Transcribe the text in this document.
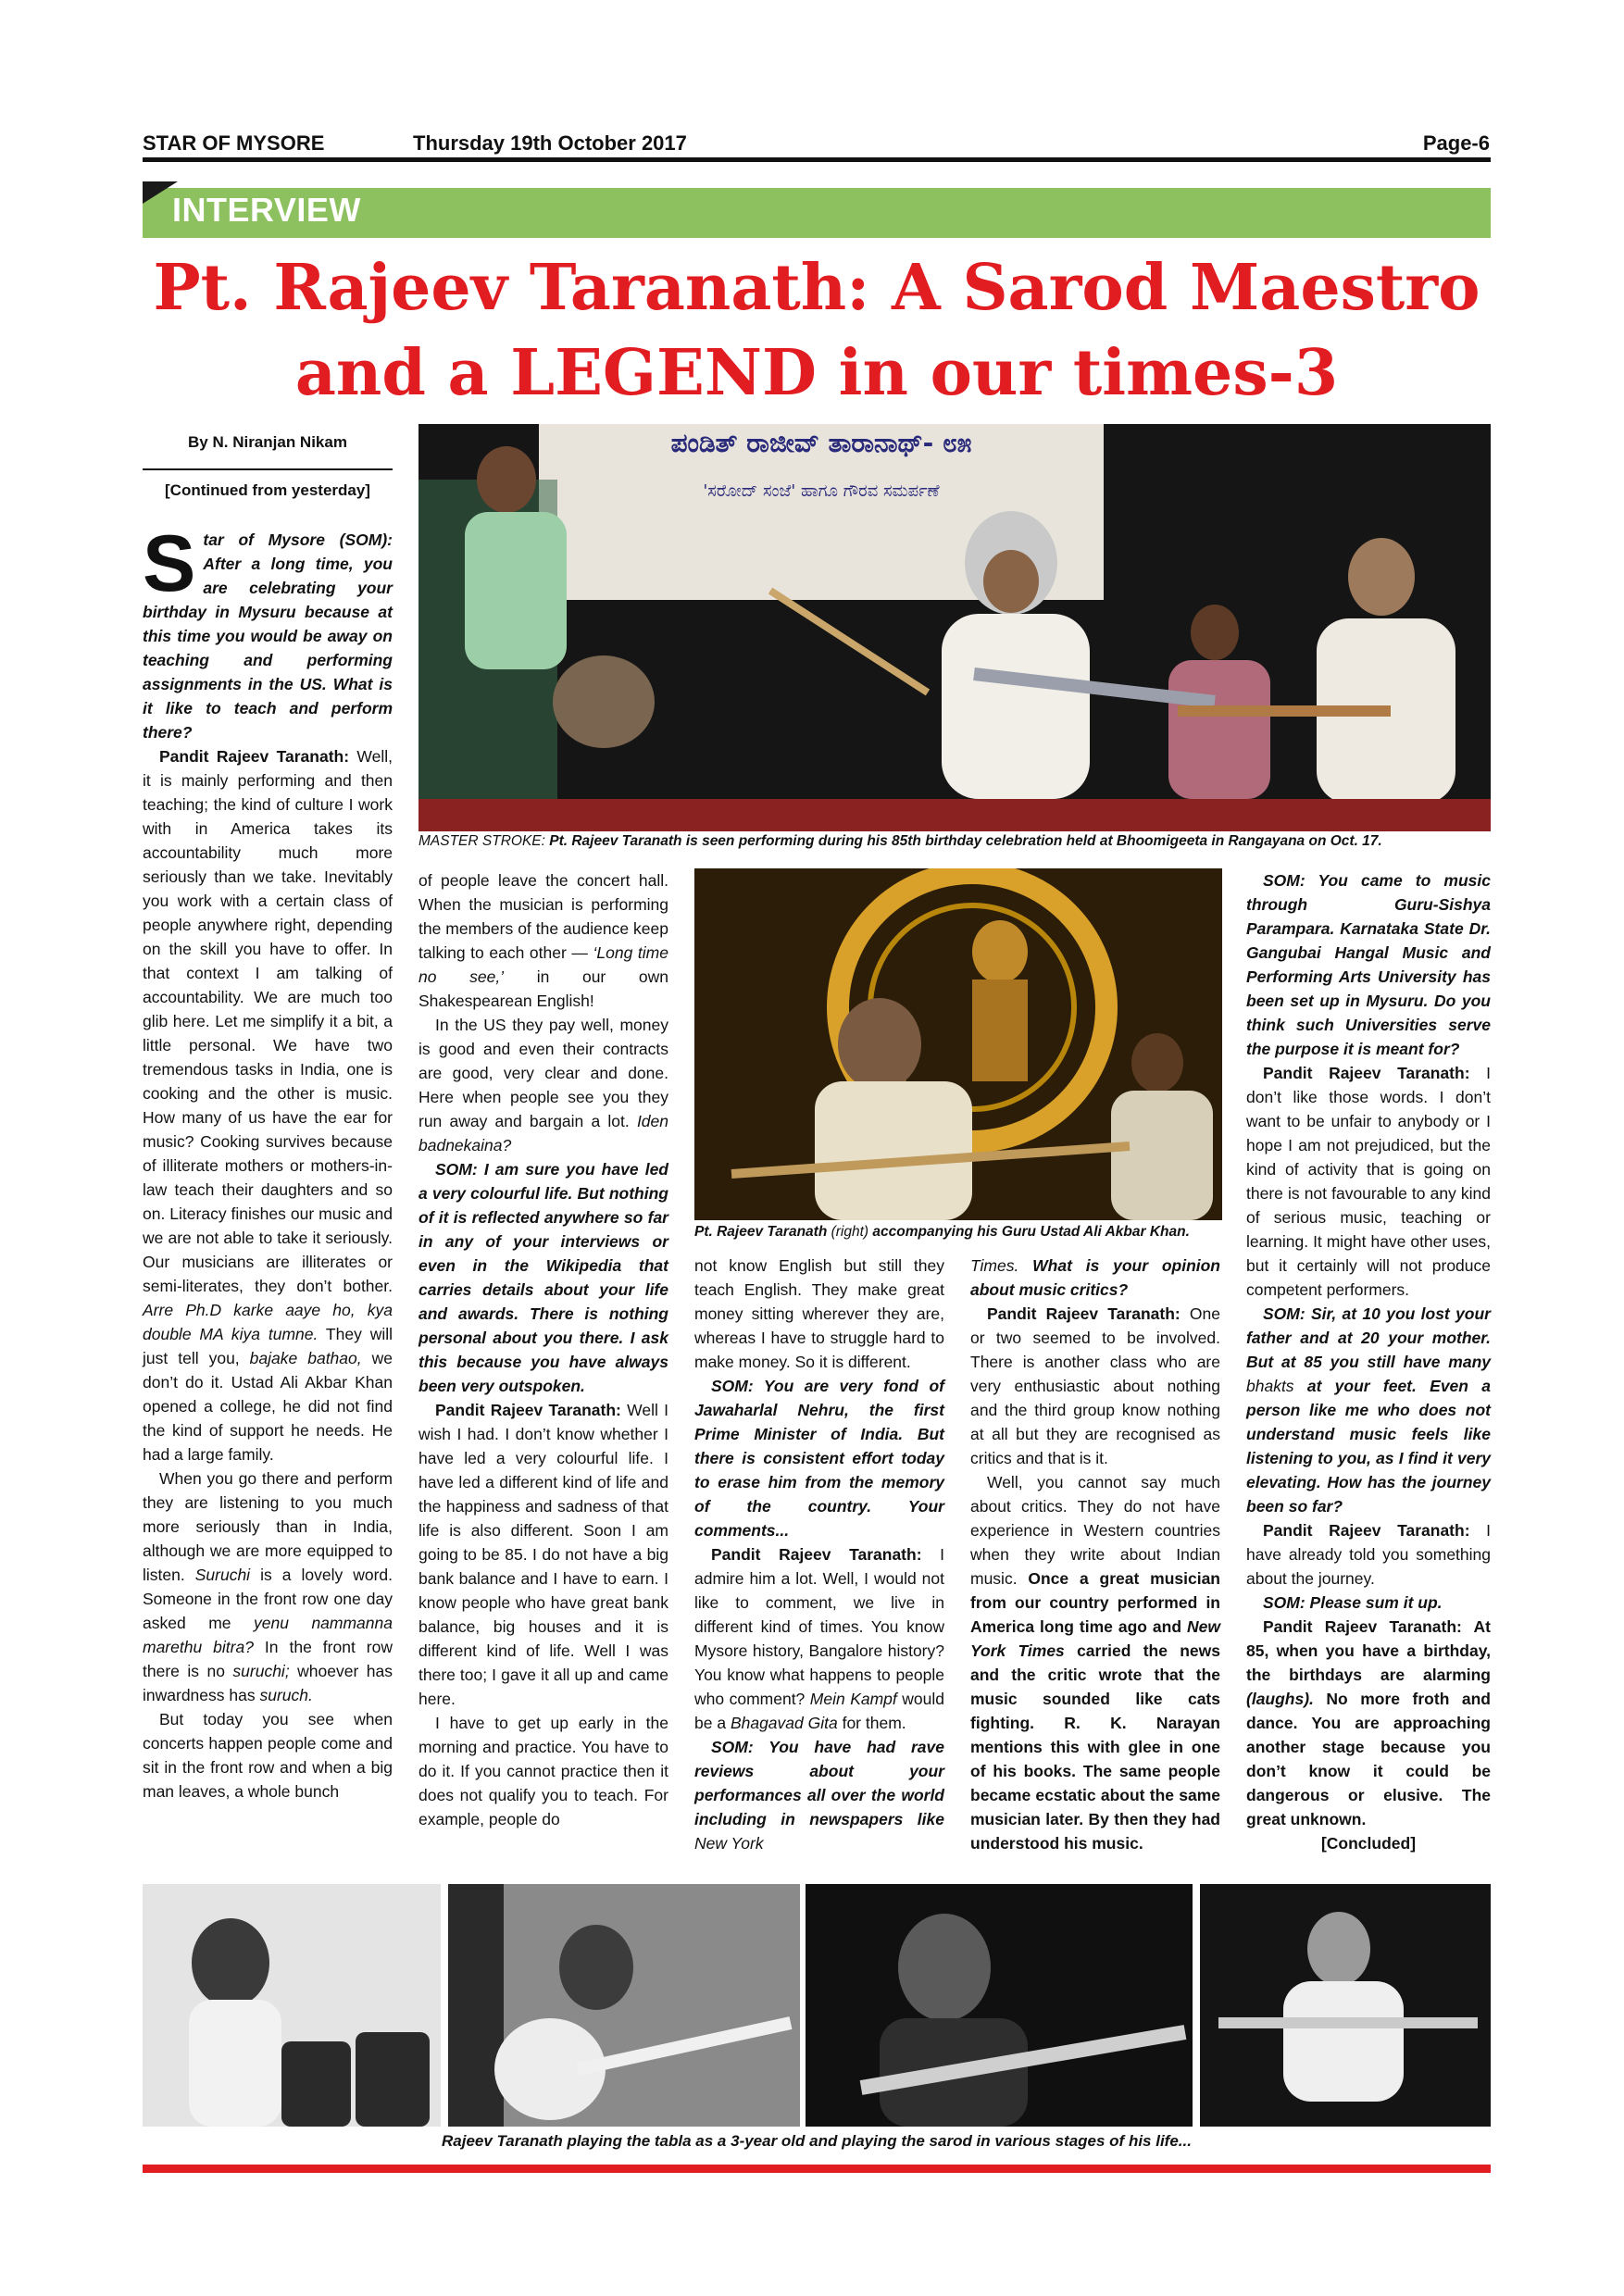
STAR OF MYSORE	Thursday 19th October 2017	Page-6
INTERVIEW
Pt. Rajeev Taranath: A Sarod Maestro
and a LEGEND in our times-3
By N. Niranjan Nikam
[Continued from yesterday]

Star of Mysore (SOM): After a long time, you are celebrating your birthday in Mysuru because at this time you would be away on teaching and performing assignments in the US. What is it like to teach and perform there?

Pandit Rajeev Taranath: Well, it is mainly performing and then teaching; the kind of culture I work with in America takes its accountability much more seriously than we take. Inevitably you work with a certain class of people anywhere right, depending on the skill you have to offer. In that context I am talking of accountability. We are much too glib here. Let me simplify it a bit, a little personal. We have two tremendous tasks in India, one is cooking and the other is music. How many of us have the ear for music? Cooking survives because of illiterate mothers or mothers-in-law teach their daughters and so on. Literacy finishes our music and we are not able to take it seriously. Our musicians are illiterates or semi-literates, they don’t bother. Arre Ph.D karke aaye ho, kya double MA kiya tumne. They will just tell you, bajake bathao, we don’t do it. Ustad Ali Akbar Khan opened a college, he did not find the kind of support he needs. He had a large family.

When you go there and perform they are listening to you much more seriously than in India, although we are more equipped to listen. Suruchi is a lovely word. Someone in the front row one day asked me yenu nammanna marethu bitra? In the front row there is no suruchi; whoever has inwardness has suruch.

But today you see when concerts happen people come and sit in the front row and when a big man leaves, a whole bunch

ಪಂಡಿತ್ ರಾಜೀವ್ ತಾರಾನಾಥ್- ೮೫
'ಸರೋದ್ ಸಂಜೆ' ಹಾಗೂ ಗೌರವ ಸಮರ್ಪಣೆ
MASTER STROKE: Pt. Rajeev Taranath is seen performing during his 85th birthday celebration held at Bhoomigeeta in Rangayana on Oct. 17.

of people leave the concert hall. When the musician is performing the members of the audience keep talking to each other — ‘Long time no see,’ in our own Shakespearean English!

In the US they pay well, money is good and even their contracts are good, very clear and done. Here when people see you they run away and bargain a lot. Iden badnekaina?

SOM: I am sure you have led a very colourful life. But nothing of it is reflected anywhere so far in any of your interviews or even in the Wikipedia that carries details about your life and awards. There is nothing personal about you there. I ask this because you have always been very outspoken.

Pandit Rajeev Taranath: Well I wish I had. I don’t know whether I have led a very colourful life. I have led a different kind of life and the happiness and sadness of that life is also different. Soon I am going to be 85. I do not have a big bank balance and I have to earn. I know people who have great bank balance, big houses and it is different kind of life. Well I was there too; I gave it all up and came here.

I have to get up early in the morning and practice. You have to do it. If you cannot practice then it does not qualify you to teach. For example, people do

Pt. Rajeev Taranath (right) accompanying his Guru Ustad Ali Akbar Khan.

not know English but still they teach English. They make great money sitting wherever they are, whereas I have to struggle hard to make money. So it is different.

SOM: You are very fond of Jawaharlal Nehru, the first Prime Minister of India. But there is consistent effort today to erase him from the memory of the country. Your comments...

Pandit Rajeev Taranath: I admire him a lot. Well, I would not like to comment, we live in different kind of times. You know Mysore history, Bangalore history? You know what happens to people who comment? Mein Kampf would be a Bhagavad Gita for them.

SOM: You have had rave reviews about your performances all over the world including in newspapers like New York

Times. What is your opinion about music critics?

Pandit Rajeev Taranath: One or two seemed to be involved. There is another class who are very enthusiastic about nothing and the third group know nothing at all but they are recognised as critics and that is it.

Well, you cannot say much about critics. They do not have experience in Western countries when they write about Indian music. Once a great musician from our country performed in America long time ago and New York Times carried the news and the critic wrote that the music sounded like cats fighting. R. K. Narayan mentions this with glee in one of his books. The same people became ecstatic about the same musician later. By then they had understood his music.

SOM: You came to music through Guru-Sishya Parampara. Karnataka State Dr. Gangubai Hangal Music and Performing Arts University has been set up in Mysuru. Do you think such Universities serve the purpose it is meant for?

Pandit Rajeev Taranath: I don’t like those words. I don’t want to be unfair to anybody or I hope I am not prejudiced, but the kind of activity that is going on there is not favourable to any kind of serious music, teaching or learning. It might have other uses, but it certainly will not produce competent performers.

SOM: Sir, at 10 you lost your father and at 20 your mother. But at 85 you still have many bhakts at your feet. Even a person like me who does not understand music feels like listening to you, as I find it very elevating. How has the journey been so far?

Pandit Rajeev Taranath: I have already told you something about the journey.

SOM: Please sum it up.

Pandit Rajeev Taranath: At 85, when you have a birthday, the birthdays are alarming (laughs). No more froth and dance. You are approaching another stage because you don’t know it could be dangerous or elusive. The great unknown.

[Concluded]

Rajeev Taranath playing the tabla as a 3-year old and playing the sarod in various stages of his life...
